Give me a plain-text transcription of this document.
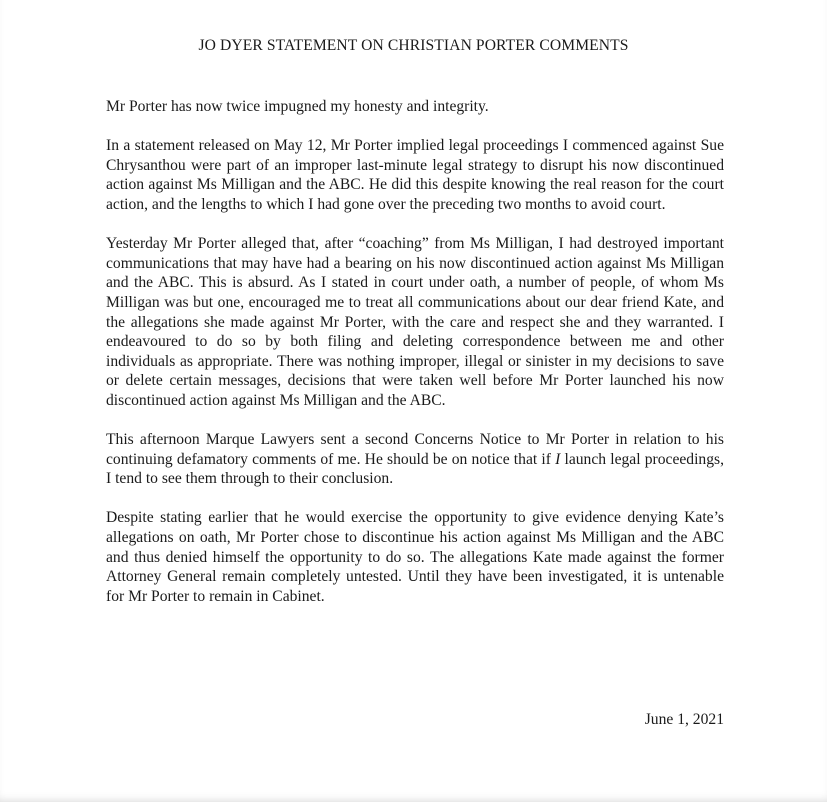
JO DYER STATEMENT ON CHRISTIAN PORTER COMMENTS

Mr Porter has now twice impugned my honesty and integrity.

In a statement released on May 12, Mr Porter implied legal proceedings I commenced against Sue Chrysanthou were part of an improper last-minute legal strategy to disrupt his now discontinued action against Ms Milligan and the ABC. He did this despite knowing the real reason for the court action, and the lengths to which I had gone over the preceding two months to avoid court.

Yesterday Mr Porter alleged that, after “coaching” from Ms Milligan, I had destroyed important communications that may have had a bearing on his now discontinued action against Ms Milligan and the ABC. This is absurd. As I stated in court under oath, a number of people, of whom Ms Milligan was but one, encouraged me to treat all communications about our dear friend Kate, and the allegations she made against Mr Porter, with the care and respect she and they warranted. I endeavoured to do so by both filing and deleting correspondence between me and other individuals as appropriate. There was nothing improper, illegal or sinister in my decisions to save or delete certain messages, decisions that were taken well before Mr Porter launched his now discontinued action against Ms Milligan and the ABC.

This afternoon Marque Lawyers sent a second Concerns Notice to Mr Porter in relation to his continuing defamatory comments of me. He should be on notice that if I launch legal proceedings, I tend to see them through to their conclusion.

Despite stating earlier that he would exercise the opportunity to give evidence denying Kate’s allegations on oath, Mr Porter chose to discontinue his action against Ms Milligan and the ABC and thus denied himself the opportunity to do so. The allegations Kate made against the former Attorney General remain completely untested. Until they have been investigated, it is untenable for Mr Porter to remain in Cabinet.

June 1, 2021
